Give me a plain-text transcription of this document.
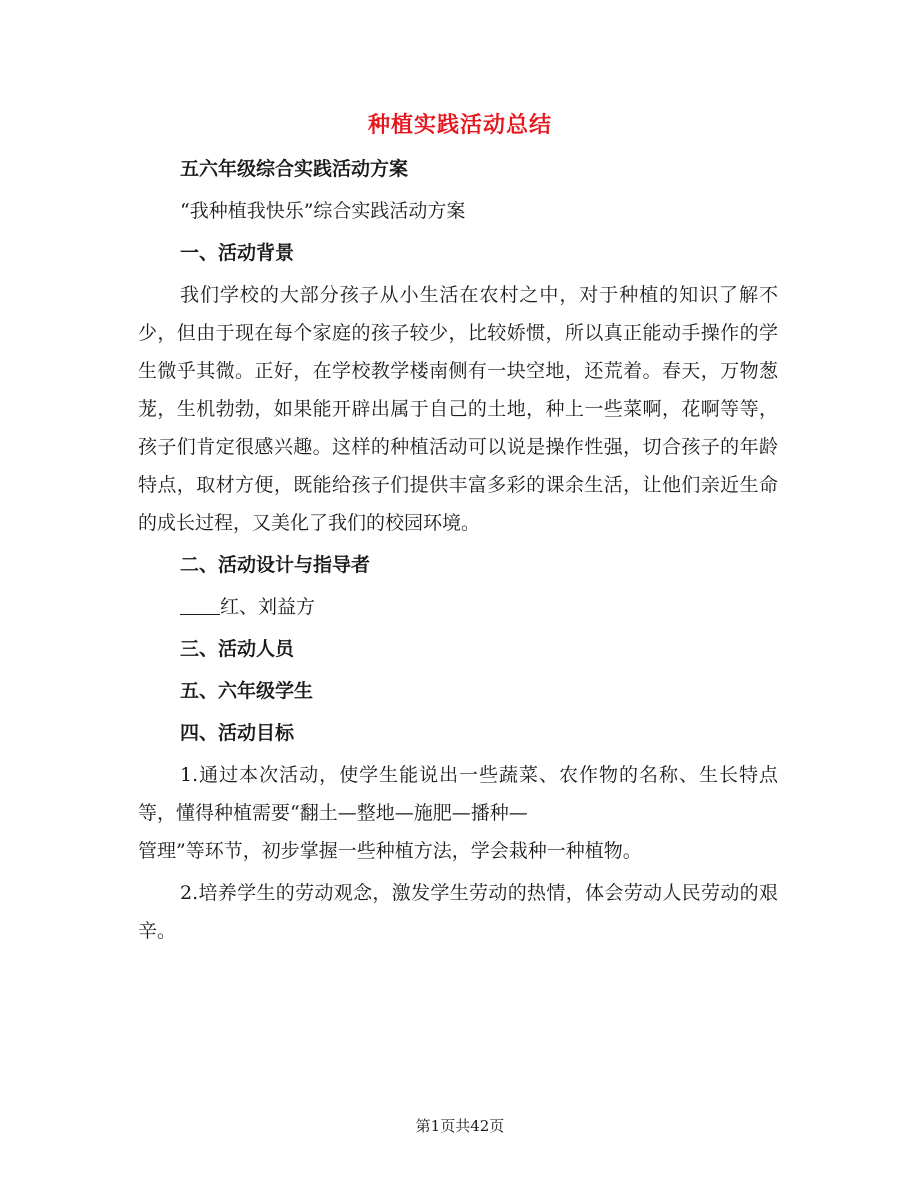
种植实践活动总结
五六年级综合实践活动方案
“我种植我快乐”综合实践活动方案
一、活动背景

我们学校的大部分孩子从小生活在农村之中，对于种植的知识了解不少，但由于现在每个家庭的孩子较少，比较娇惯，所以真正能动手操作的学生微乎其微。正好，在学校教学楼南侧有一块空地，还荒着。春天，万物葱茏，生机勃勃，如果能开辟出属于自己的土地，种上一些菜啊，花啊等等，孩子们肯定很感兴趣。这样的种植活动可以说是操作性强，切合孩子的年龄特点，取材方便，既能给孩子们提供丰富多彩的课余生活，让他们亲近生命的成长过程，又美化了我们的校园环境。

二、活动设计与指导者
红、刘益方
三、活动人员
五、六年级学生
四、活动目标

1.通过本次活动，使学生能说出一些蔬菜、农作物的名称、生长特点等，懂得种植需要“翻土—整地—施肥—播种—

管理”等环节，初步掌握一些种植方法，学会栽种一种植物。

2.培养学生的劳动观念，激发学生劳动的热情，体会劳动人民劳动的艰辛。

第1页共42页
